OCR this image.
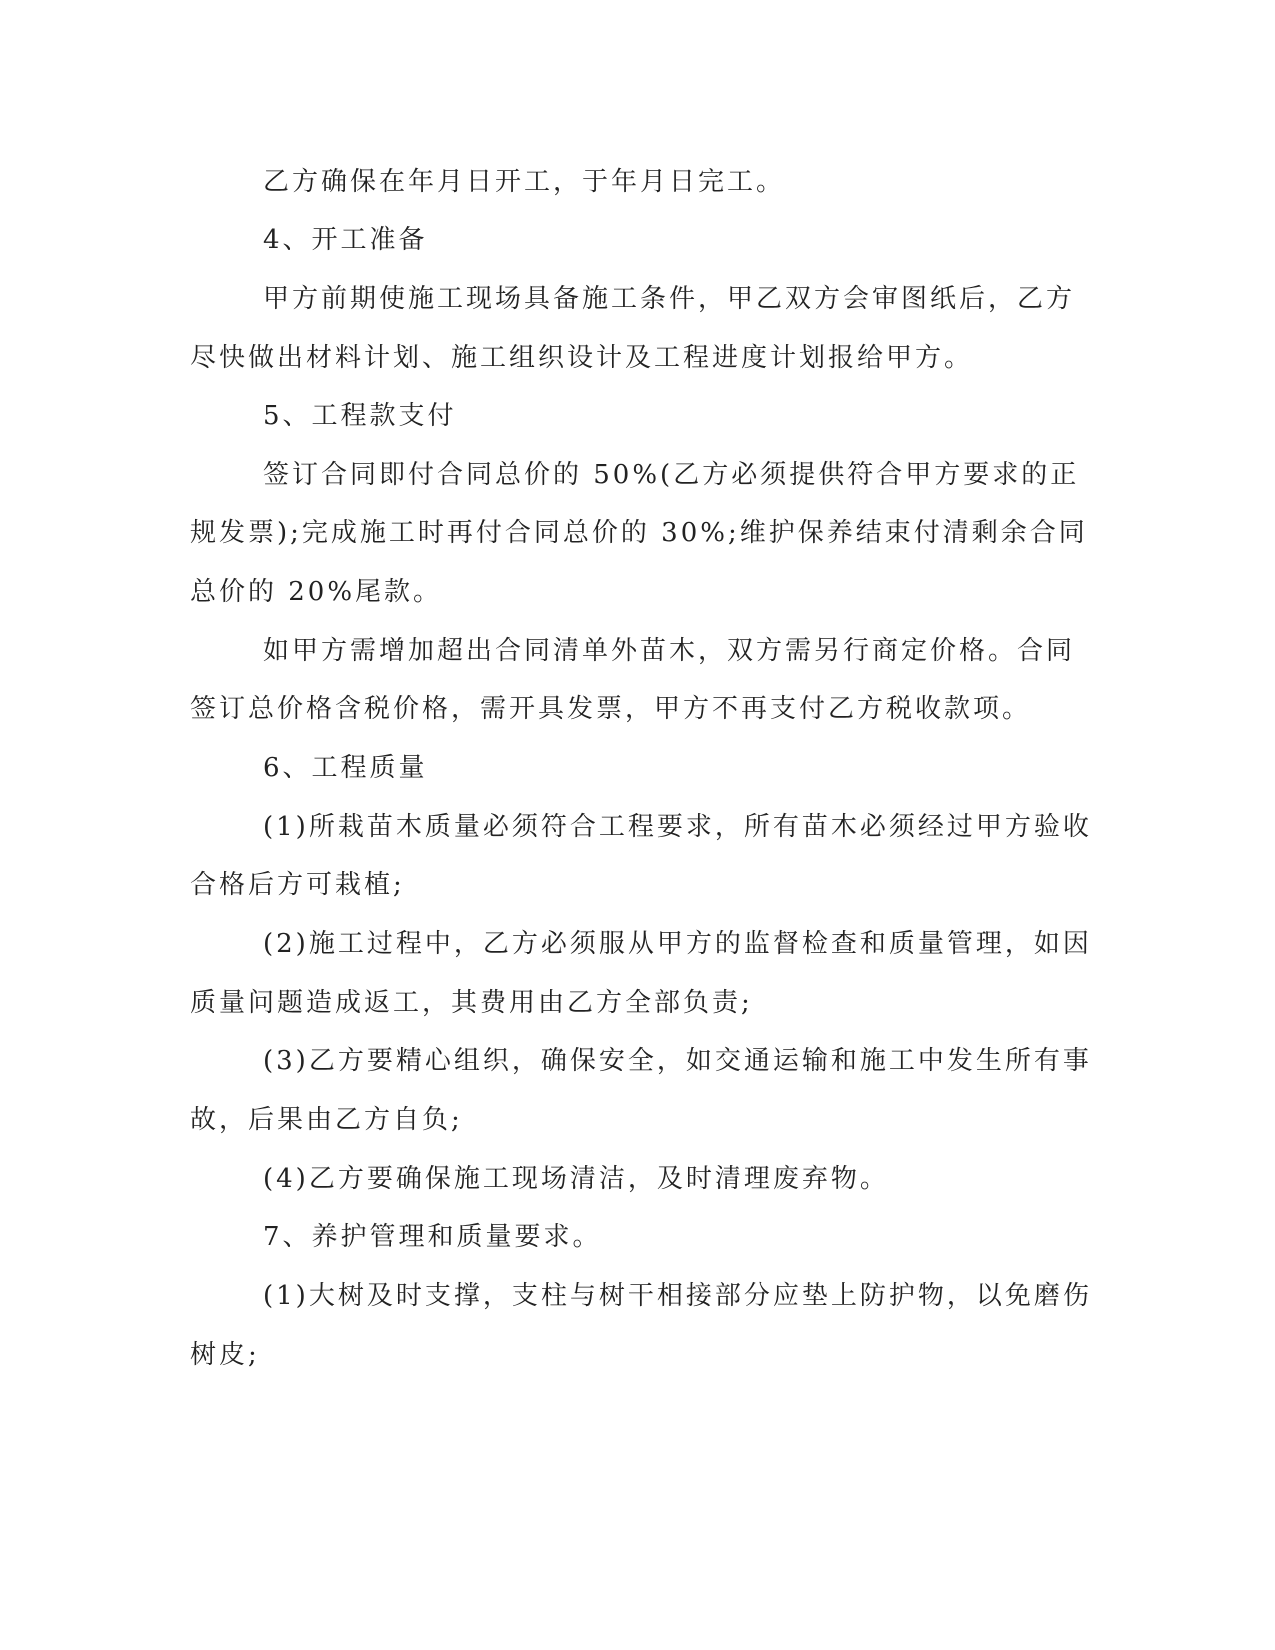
乙方确保在年月日开工，于年月日完工。
4、开工准备
甲方前期使施工现场具备施工条件，甲乙双方会审图纸后，乙方
尽快做出材料计划、施工组织设计及工程进度计划报给甲方。
5、工程款支付
签订合同即付合同总价的 50%(乙方必须提供符合甲方要求的正
规发票);完成施工时再付合同总价的 30%;维护保养结束付清剩余合同
总价的 20%尾款。
如甲方需增加超出合同清单外苗木，双方需另行商定价格。合同
签订总价格含税价格，需开具发票，甲方不再支付乙方税收款项。
6、工程质量
(1)所栽苗木质量必须符合工程要求，所有苗木必须经过甲方验收
合格后方可栽植;
(2)施工过程中，乙方必须服从甲方的监督检查和质量管理，如因
质量问题造成返工，其费用由乙方全部负责;
(3)乙方要精心组织，确保安全，如交通运输和施工中发生所有事
故，后果由乙方自负;
(4)乙方要确保施工现场清洁，及时清理废弃物。
7、养护管理和质量要求。
(1)大树及时支撑，支柱与树干相接部分应垫上防护物，以免磨伤
树皮;
